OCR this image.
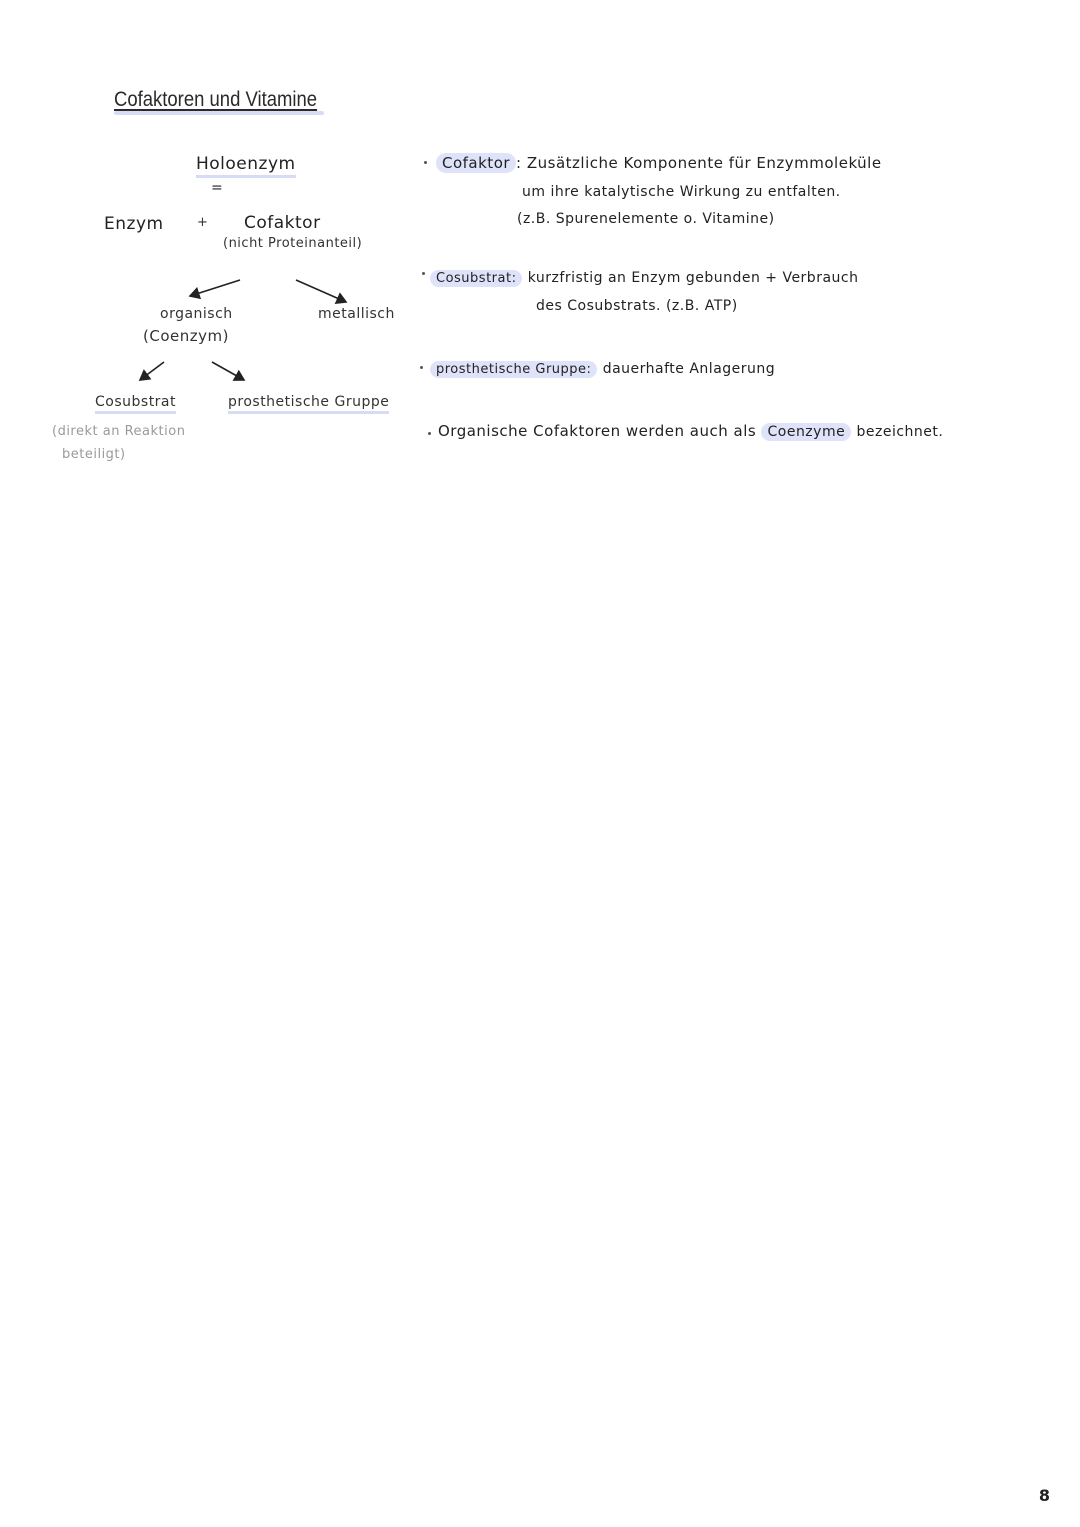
Cofaktoren und Vitamine
Holoenzym
=
Enzym	+ Cofaktor
(nicht Proteinanteil)
organisch
(Coenzym)
metallisch
Cosubstrat
(direkt an Reaktion
beteiligt)
prosthetische Gruppe
Cofaktor : Zusätzliche Komponente für Enzymmoleküle
um ihre katalytische Wirkung zu entfalten.
(z.B. Spurenelemente o. Vitamine)
Cosubstrat: kurzfristig an Enzym gebunden + Verbrauch
des Cosubstrats. (z.B. ATP)
prosthetische Gruppe: dauerhafte Anlagerung
Organische Cofaktoren werden auch als Coenzyme bezeichnet.
8
